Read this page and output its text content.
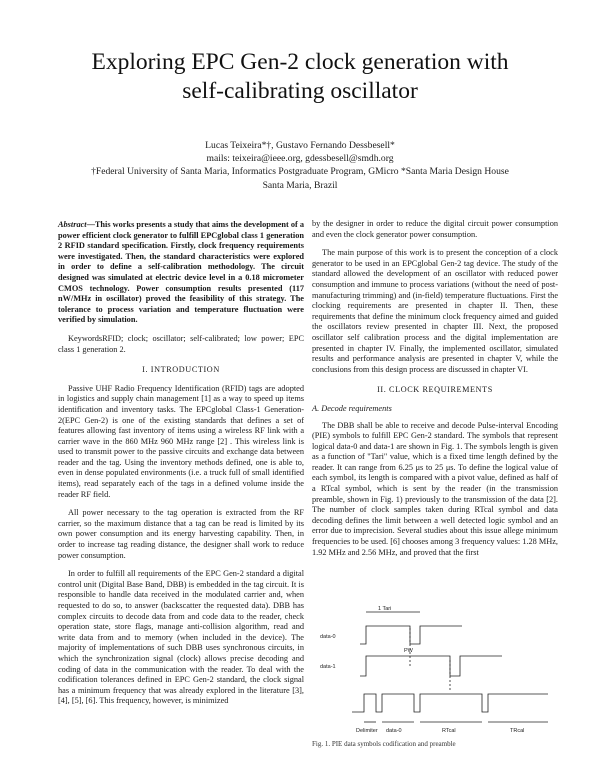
Exploring EPC Gen-2 clock generation with
self-calibrating oscillator
Lucas Teixeira*†, Gustavo Fernando Dessbesell*
mails: teixeira@ieee.org, gdessbesell@smdh.org
†Federal University of Santa Maria, Informatics Postgraduate Program, GMicro *Santa Maria Design House
Santa Maria, Brazil

Abstract—This works presents a study that aims the development of a power efficient clock generator to fulfill EPCglobal class 1 generation 2 RFID standard specification. Firstly, clock frequency requirements were investigated. Then, the standard characteristics were explored in order to define a self-calibration methodology. The circuit designed was simulated at electric device level in a 0.18 micrometer CMOS technology. Power consumption results presented (117 nW/MHz in oscillator) proved the feasibility of this strategy. The tolerance to process variation and temperature fluctuation were verified by simulation.

KeywordsRFID; clock; oscillator; self-calibrated; low power; EPC class 1 generation 2.

I. INTRODUCTION

Passive UHF Radio Frequency Identification (RFID) tags are adopted in logistics and supply chain management [1] as a way to speed up items identification and inventory tasks. The EPCglobal Class-1 Generation-2(EPC Gen-2) is one of the existing standards that defines a set of features allowing fast inventory of items using a wireless RF link with a carrier wave in the 860 MHz 960 MHz range [2] . This wireless link is used to transmit power to the passive circuits and exchange data between reader and the tag. Using the inventory methods defined, one is able to, even in dense populated environments (i.e. a truck full of small identified items), read separately each of the tags in a defined volume inside the reader RF field.

All power necessary to the tag operation is extracted from the RF carrier, so the maximum distance that a tag can be read is limited by its own power consumption and its energy harvesting capability. Then, in order to increase tag reading distance, the designer shall work to reduce power consumption.

In order to fulfill all requirements of the EPC Gen-2 standard a digital control unit (Digital Base Band, DBB) is embedded in the tag circuit. It is responsible to handle data received in the modulated carrier and, when requested to do so, to answer (backscatter the requested data). DBB has complex circuits to decode data from and code data to the reader, check operation state, store flags, manage anti-collision algorithm, read and write data from and to memory (when included in the device). The majority of implementations of such DBB uses synchronous circuits, in which the synchronization signal (clock) allows precise decoding and coding of data in the communication with the reader. To deal with the codification tolerances defined in EPC Gen-2 standard, the clock signal has a minimum frequency that was already explored in the literature [3], [4], [5], [6]. This frequency, however, is minimized

by the designer in order to reduce the digital circuit power consumption and even the clock generator power consumption.

The main purpose of this work is to present the conception of a clock generator to be used in an EPCglobal Gen-2 tag device. The study of the standard allowed the development of an oscillator with reduced power consumption and immune to process variations (without the need of post-manufacturing trimming) and (in-field) temperature fluctuations. First the clocking requirements are presented in chapter II. Then, these requirements that define the minimum clock frequency aimed and guided the oscillators review presented in chapter III. Next, the proposed oscillator self calibration process and the digital implementation are presented in chapter IV. Finally, the implemented oscillator, simulated results and performance analysis are presented in chapter V, while the conclusions from this design process are discussed in chapter VI.

II. CLOCK REQUIREMENTS
A. Decode requirements

The DBB shall be able to receive and decode Pulse-interval Encoding (PIE) symbols to fulfill EPC Gen-2 standard. The symbols that represent logical data-0 and data-1 are shown in Fig. 1. The symbols length is given as a function of "Tari" value, which is a fixed time length defined by the reader. It can range from 6.25 μs to 25 μs. To define the logical value of each symbol, its length is compared with a pivot value, defined as half of a RTcal symbol, which is sent by the reader (in the transmission preamble, shown in Fig. 1) previously to the transmission of the data [2]. The number of clock samples taken during RTcal symbol and data decoding defines the limit between a well detected logic symbol and an error due to imprecision. Several studies about this issue allege minimum frequencies to be used. [6] chooses among 3 frequency values: 1.28 MHz, 1.92 MHz and 2.56 MHz, and proved that the first

1 Tari
data-0
data-1
PW
Delimiter data-0	RTcal	TRcal
Fig. 1. PIE data symbols codification and preamble
